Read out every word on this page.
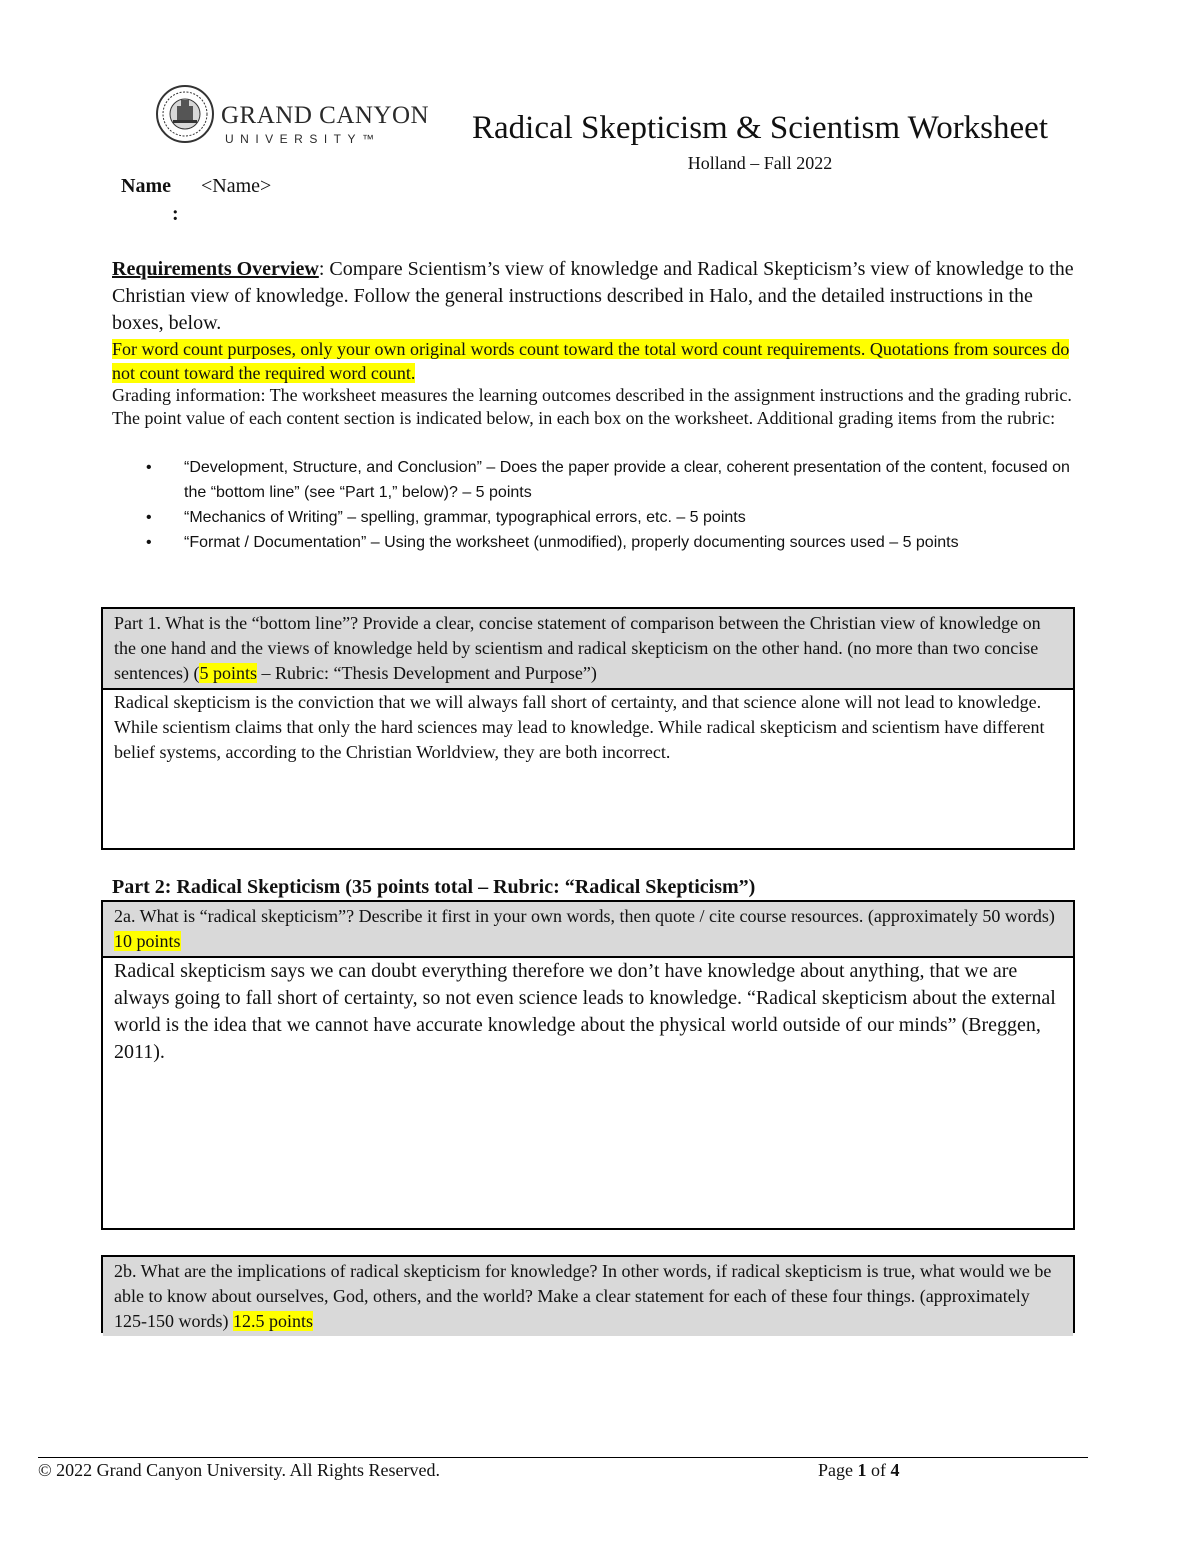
GRAND CANYON
UNIVERSITY™	Radical Skepticism & Scientism Worksheet
Holland – Fall 2022
Name
:
<Name>
Requirements Overview: Compare Scientism’s view of knowledge and Radical Skepticism’s view of knowledge to the Christian view of knowledge. Follow the general instructions described in Halo, and the detailed instructions in the boxes, below.
For word count purposes, only your own original words count toward the total word count requirements. Quotations from sources do not count toward the required word count.
Grading information: The worksheet measures the learning outcomes described in the assignment instructions and the grading rubric. The point value of each content section is indicated below, in each box on the worksheet. Additional grading items from the rubric:
• “Development, Structure, and Conclusion” – Does the paper provide a clear, coherent presentation of the content, focused on the “bottom line” (see “Part 1,” below)? – 5 points
• “Mechanics of Writing” – spelling, grammar, typographical errors, etc. – 5 points
• “Format / Documentation” – Using the worksheet (unmodified), properly documenting sources used – 5 points
Part 1. What is the “bottom line”? Provide a clear, concise statement of comparison between the Christian view of knowledge on the one hand and the views of knowledge held by scientism and radical skepticism on the other hand. (no more than two concise sentences) (5 points – Rubric: “Thesis Development and Purpose”)
Radical skepticism is the conviction that we will always fall short of certainty, and that science alone will not lead to knowledge. While scientism claims that only the hard sciences may lead to knowledge. While radical skepticism and scientism have different belief systems, according to the Christian Worldview, they are both incorrect.
Part 2: Radical Skepticism (35 points total – Rubric: “Radical Skepticism”)
2a. What is “radical skepticism”? Describe it first in your own words, then quote / cite course resources. (approximately 50 words) 10 points
Radical skepticism says we can doubt everything therefore we don’t have knowledge about anything, that we are always going to fall short of certainty, so not even science leads to knowledge. “Radical skepticism about the external world is the idea that we cannot have accurate knowledge about the physical world outside of our minds” (Breggen, 2011).
2b. What are the implications of radical skepticism for knowledge? In other words, if radical skepticism is true, what would we be able to know about ourselves, God, others, and the world? Make a clear statement for each of these four things. (approximately 125-150 words) 12.5 points
© 2022 Grand Canyon University. All Rights Reserved.	Page 1 of 4
